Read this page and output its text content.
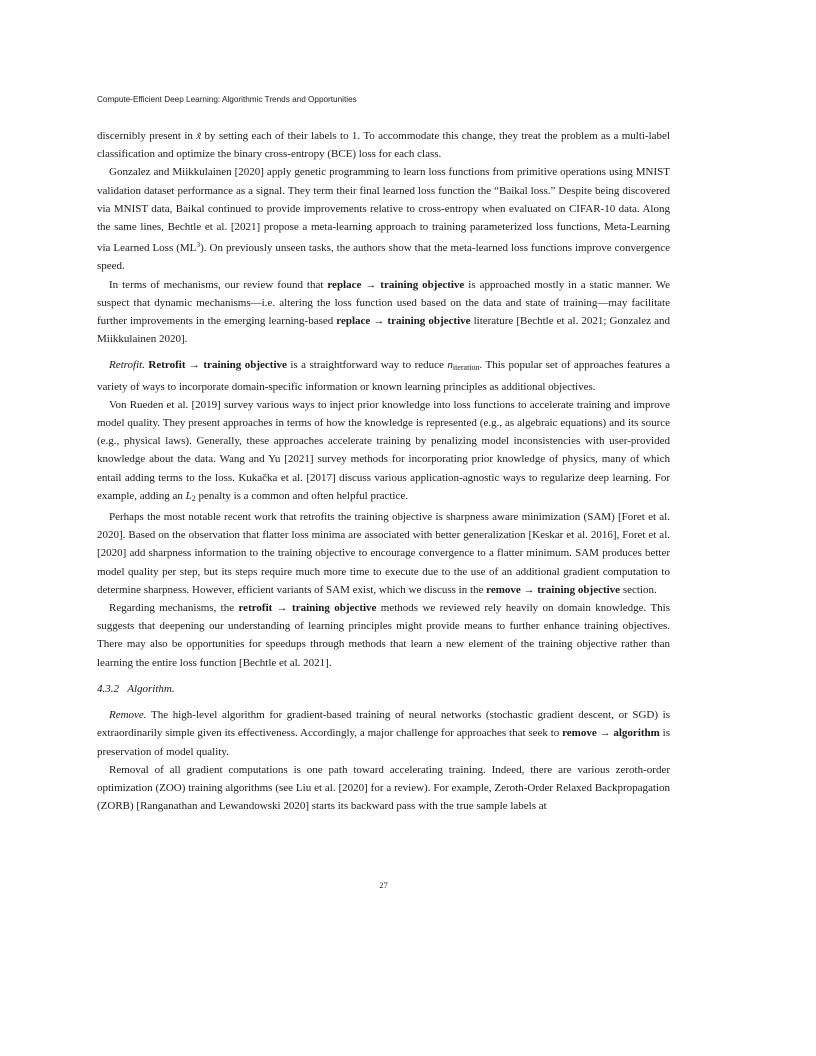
Compute-Efficient Deep Learning: Algorithmic Trends and Opportunities

discernibly present in x̃ by setting each of their labels to 1. To accommodate this change, they treat the problem as a multi-label classification and optimize the binary cross-entropy (BCE) loss for each class.

Gonzalez and Miikkulainen [2020] apply genetic programming to learn loss functions from primitive operations using MNIST validation dataset performance as a signal. They term their final learned loss function the “Baikal loss.” Despite being discovered via MNIST data, Baikal continued to provide improvements relative to cross-entropy when evaluated on CIFAR-10 data. Along the same lines, Bechtle et al. [2021] propose a meta-learning approach to training parameterized loss functions, Meta-Learning via Learned Loss $(ML^3)$. On previously unseen tasks, the authors show that the meta-learned loss functions improve convergence speed.

In terms of mechanisms, our review found that replace → training objective is approached mostly in a static manner. We suspect that dynamic mechanisms—i.e. altering the loss function used based on the data and state of training—may facilitate further improvements in the emerging learning-based replace → training objective literature [Bechtle et al. 2021; Gonzalez and Miikkulainen 2020].

Retrofit. Retrofit → training objective is a straightforward way to reduce $n_{iteration}$. This popular set of approaches features a variety of ways to incorporate domain-specific information or known learning principles as additional objectives.

Von Rueden et al. [2019] survey various ways to inject prior knowledge into loss functions to accelerate training and improve model quality. They present approaches in terms of how the knowledge is represented (e.g., as algebraic equations) and its source (e.g., physical laws). Generally, these approaches accelerate training by penalizing model inconsistencies with user-provided knowledge about the data. Wang and Yu [2021] survey methods for incorporating prior knowledge of physics, many of which entail adding terms to the loss. Kukačka et al. [2017] discuss various application-agnostic ways to regularize deep learning. For example, adding an $L_2$ penalty is a common and often helpful practice.

Perhaps the most notable recent work that retrofits the training objective is sharpness aware minimization (SAM) [Foret et al. 2020]. Based on the observation that flatter loss minima are associated with better generalization [Keskar et al. 2016], Foret et al. [2020] add sharpness information to the training objective to encourage convergence to a flatter minimum. SAM produces better model quality per step, but its steps require much more time to execute due to the use of an additional gradient computation to determine sharpness. However, efficient variants of SAM exist, which we discuss in the remove → training objective section.

Regarding mechanisms, the retrofit → training objective methods we reviewed rely heavily on domain knowledge. This suggests that deepening our understanding of learning principles might provide means to further enhance training objectives. There may also be opportunities for speedups through methods that learn a new element of the training objective rather than learning the entire loss function [Bechtle et al. 2021].

4.3.2 Algorithm.

Remove. The high-level algorithm for gradient-based training of neural networks (stochastic gradient descent, or SGD) is extraordinarily simple given its effectiveness. Accordingly, a major challenge for approaches that seek to remove → algorithm is preservation of model quality.

Removal of all gradient computations is one path toward accelerating training. Indeed, there are various zeroth-order optimization (ZOO) training algorithms (see Liu et al. [2020] for a review). For example, Zeroth-Order Relaxed Backpropagation (ZORB) [Ranganathan and Lewandowski 2020] starts its backward pass with the true sample labels at

27
